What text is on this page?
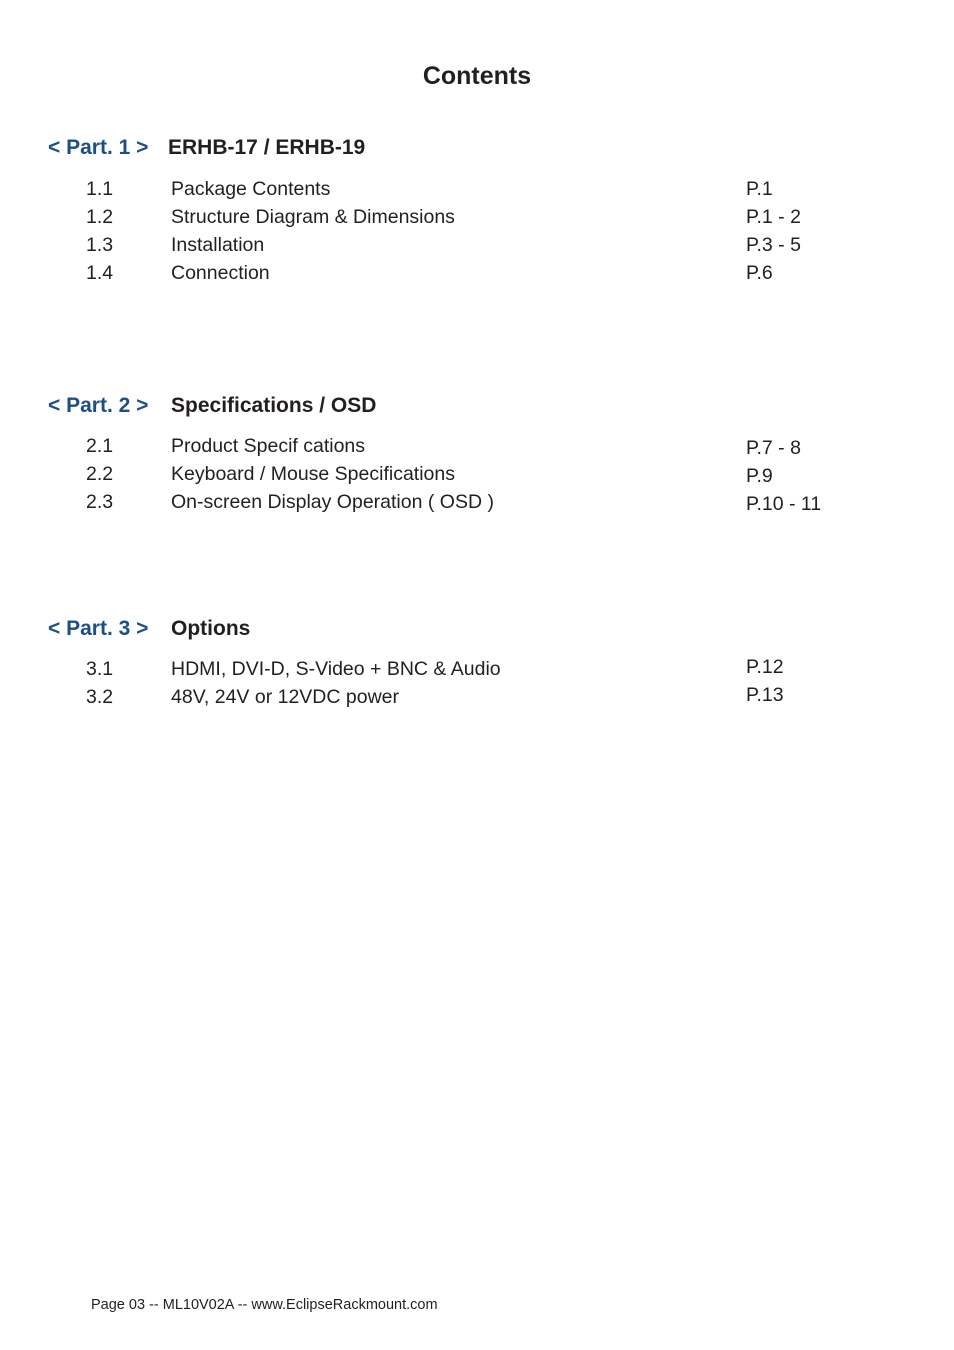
Contents
< Part. 1 > ERHB-17 / ERHB-19
1.1	Package Contents	P.1
1.2	Structure Diagram & Dimensions	P.1 - 2
1.3	Installation	P.3 - 5
1.4	Connection	P.6
< Part. 2 > Specifications / OSD
2.1	Product Specif cations	P.7 - 8
2.2	Keyboard / Mouse Specifications	P.9
2.3	On-screen Display Operation ( OSD )	P.10 - 11
< Part. 3 > Options
3.1	HDMI, DVI-D, S-Video + BNC & Audio	P.12
3.2	48V, 24V or 12VDC power	P.13
Page 03 -- ML10V02A -- www.EclipseRackmount.com
